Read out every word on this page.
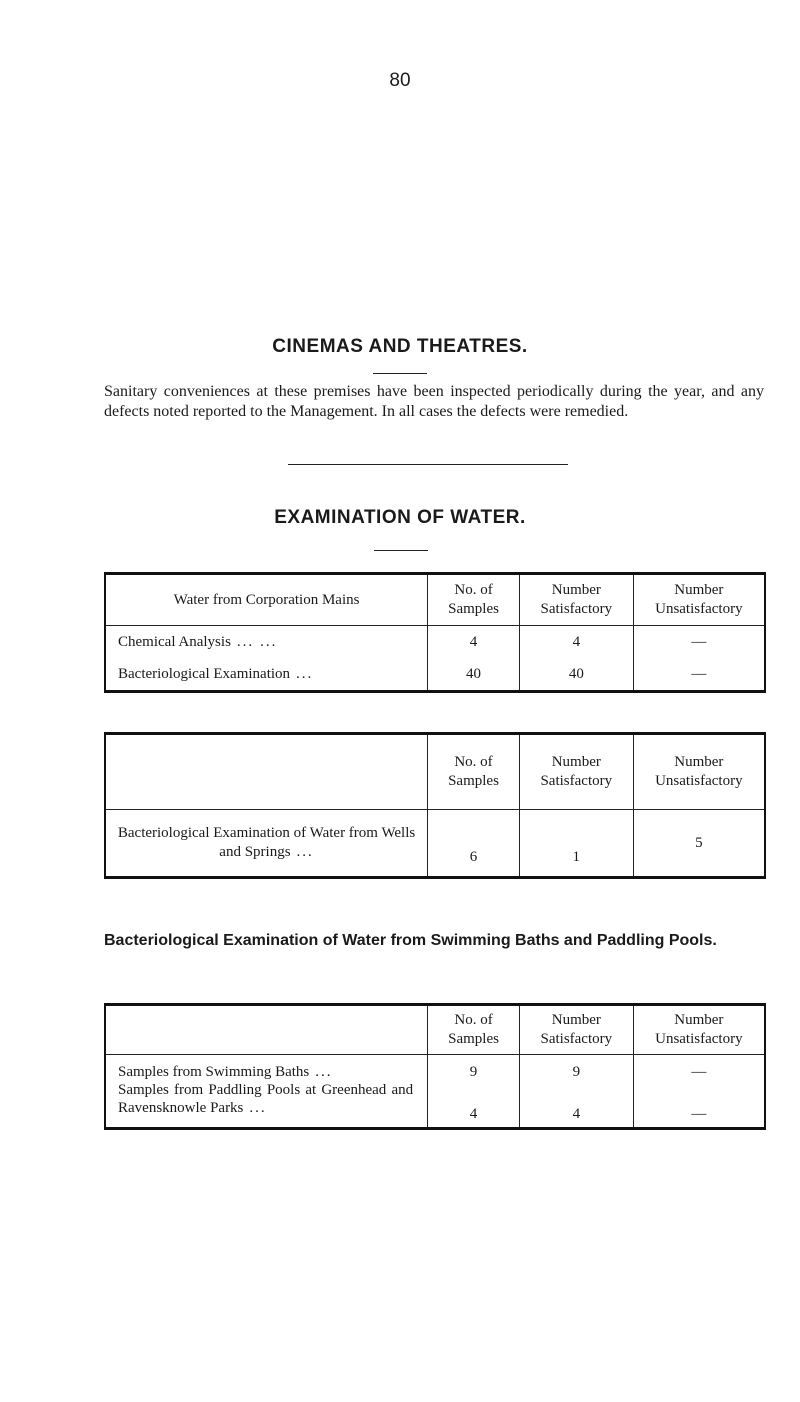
80
CINEMAS AND THEATRES.
Sanitary conveniences at these premises have been inspected periodically during the year, and any defects noted reported to the Management. In all cases the defects were remedied.
EXAMINATION OF WATER.
Water from Corporation Mains	No. of Samples	Number Satisfactory	Number Unsatisfactory
Chemical Analysis ... ...	4	4	—
Bacteriological Examination ...	40	40	—
	No. of Samples	Number Satisfactory	Number Unsatisfactory
Bacteriological Examination of Water from Wells and Springs ...	6	1	5
Bacteriological Examination of Water from Swimming Baths and Paddling Pools.
	No. of Samples	Number Satisfactory	Number Unsatisfactory
Samples from Swimming Baths ...	9	9	—
Samples from Paddling Pools at Greenhead and Ravensknowle Parks ...	4	4	—
